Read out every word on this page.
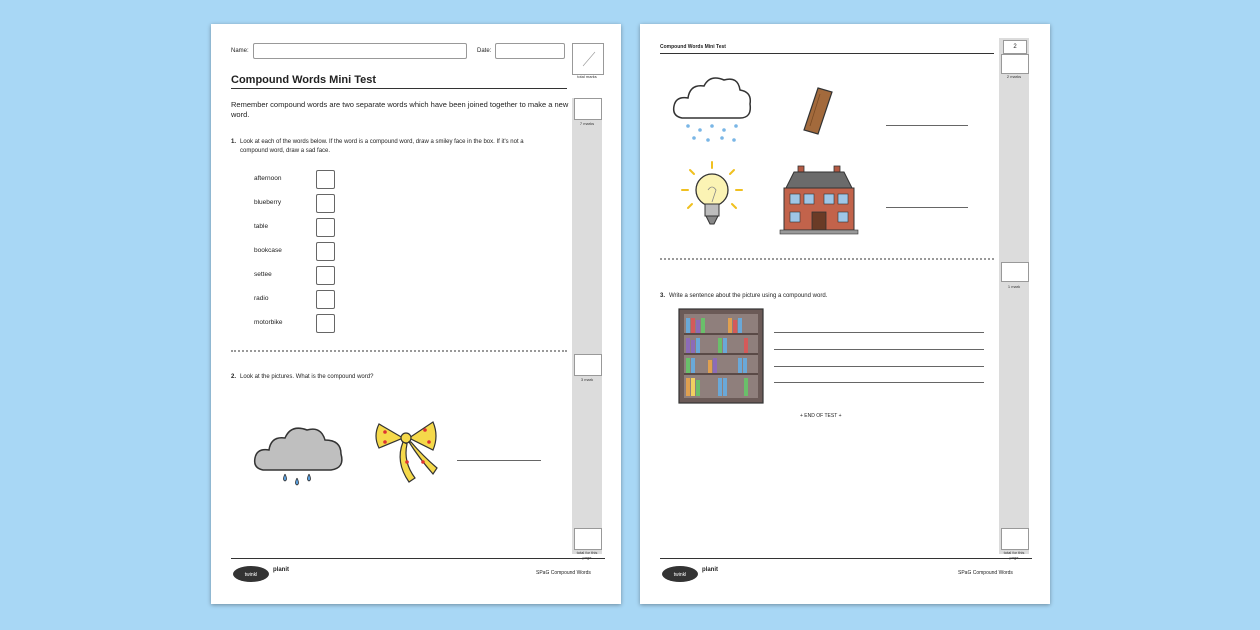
Name:	Date:
total marks
Compound Words Mini Test
Remember compound words are two separate words which have been joined together to make a new word.
7 marks
3 mark
total for this
1. Look at each of the words below. If the word is a compound word, draw a smiley face in the box. If it's not a compound word, draw a sad face.
afternoon
blueberry
table
bookcase
settee
radio
motorbike
2. Look at the pictures. What is the compound word?
twinkl
planit	SPaG Compound Words
Compound Words Mini Test	2
2 marks
1 mark
total for this
3. Write a sentence about the picture using a compound word.
+ END OF TEST +
twinkl
planit	SPaG Compound Words
